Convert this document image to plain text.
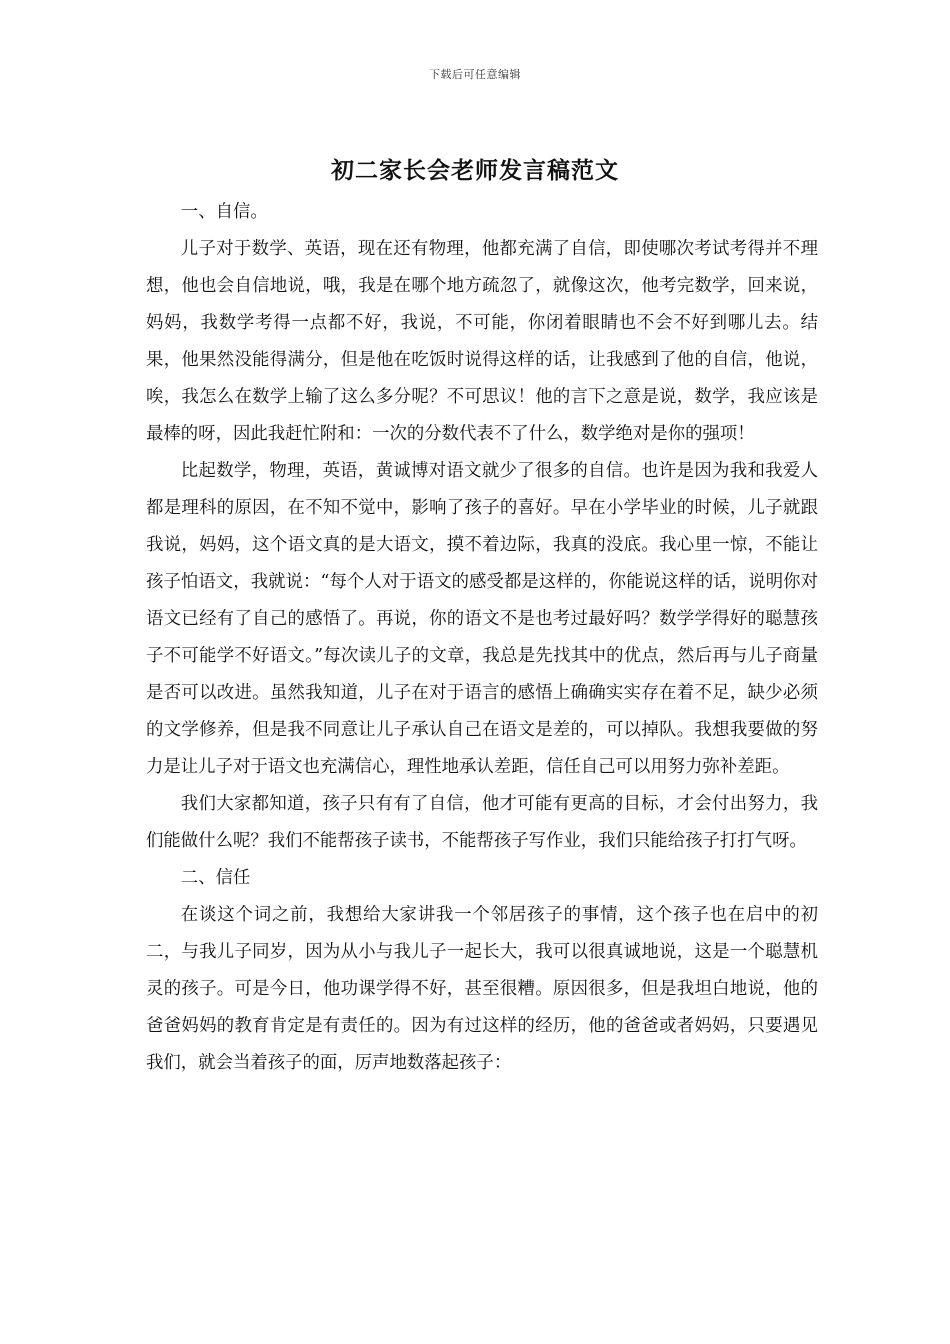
下载后可任意编辑
初二家长会老师发言稿范文

一、自信。

儿子对于数学、英语，现在还有物理，他都充满了自信，即使哪次考试考得并不理想，他也会自信地说，哦，我是在哪个地方疏忽了，就像这次，他考完数学，回来说，妈妈，我数学考得一点都不好，我说，不可能，你闭着眼睛也不会不好到哪儿去。结果，他果然没能得满分，但是他在吃饭时说得这样的话，让我感到了他的自信，他说，唉，我怎么在数学上输了这么多分呢？不可思议！他的言下之意是说，数学，我应该是最棒的呀，因此我赶忙附和：一次的分数代表不了什么，数学绝对是你的强项！

比起数学，物理，英语，黄诚博对语文就少了很多的自信。也许是因为我和我爱人都是理科的原因，在不知不觉中，影响了孩子的喜好。早在小学毕业的时候，儿子就跟我说，妈妈，这个语文真的是大语文，摸不着边际，我真的没底。我心里一惊，不能让孩子怕语文，我就说：“每个人对于语文的感受都是这样的，你能说这样的话，说明你对语文已经有了自己的感悟了。再说，你的语文不是也考过最好吗？数学学得好的聪慧孩子不可能学不好语文。”每次读儿子的文章，我总是先找其中的优点，然后再与儿子商量是否可以改进。虽然我知道，儿子在对于语言的感悟上确确实实存在着不足，缺少必须的文学修养，但是我不同意让儿子承认自己在语文是差的，可以掉队。我想我要做的努力是让儿子对于语文也充满信心，理性地承认差距，信任自己可以用努力弥补差距。

我们大家都知道，孩子只有有了自信，他才可能有更高的目标，才会付出努力，我们能做什么呢？我们不能帮孩子读书，不能帮孩子写作业，我们只能给孩子打打气呀。

二、信任

在谈这个词之前，我想给大家讲我一个邻居孩子的事情，这个孩子也在启中的初二，与我儿子同岁，因为从小与我儿子一起长大，我可以很真诚地说，这是一个聪慧机灵的孩子。可是今日，他功课学得不好，甚至很糟。原因很多，但是我坦白地说，他的爸爸妈妈的教育肯定是有责任的。因为有过这样的经历，他的爸爸或者妈妈，只要遇见我们，就会当着孩子的面，厉声地数落起孩子：
